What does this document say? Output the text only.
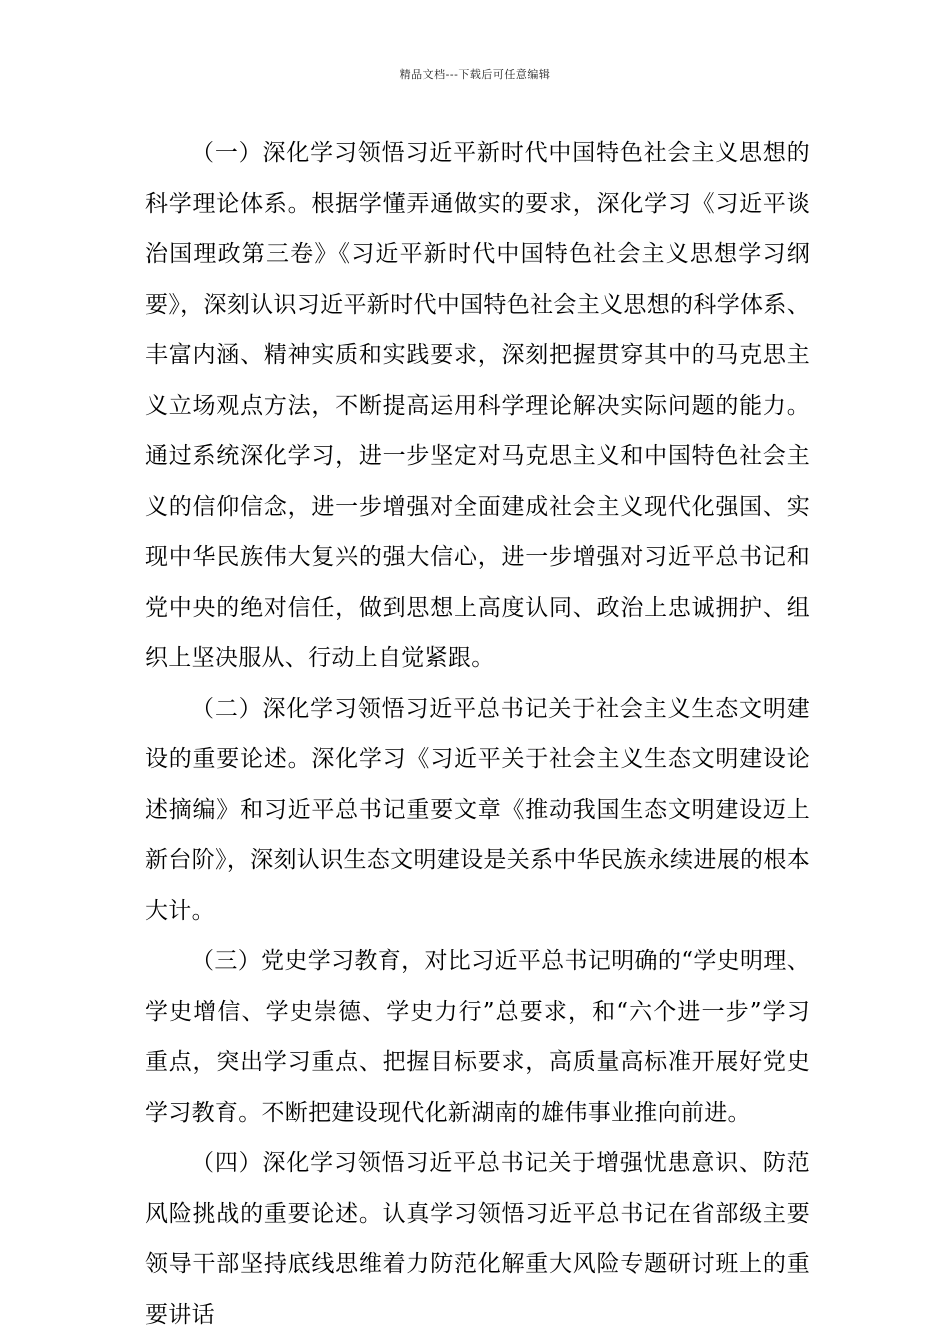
精品文档---下载后可任意编辑

（一）深化学习领悟习近平新时代中国特色社会主义思想的科学理论体系。根据学懂弄通做实的要求，深化学习《习近平谈治国理政第三卷》《习近平新时代中国特色社会主义思想学习纲要》，深刻认识习近平新时代中国特色社会主义思想的科学体系、丰富内涵、精神实质和实践要求，深刻把握贯穿其中的马克思主义立场观点方法，不断提高运用科学理论解决实际问题的能力。通过系统深化学习，进一步坚定对马克思主义和中国特色社会主义的信仰信念，进一步增强对全面建成社会主义现代化强国、实现中华民族伟大复兴的强大信心，进一步增强对习近平总书记和党中央的绝对信任，做到思想上高度认同、政治上忠诚拥护、组织上坚决服从、行动上自觉紧跟。

（二）深化学习领悟习近平总书记关于社会主义生态文明建设的重要论述。深化学习《习近平关于社会主义生态文明建设论述摘编》和习近平总书记重要文章《推动我国生态文明建设迈上新台阶》，深刻认识生态文明建设是关系中华民族永续进展的根本大计。

（三）党史学习教育，对比习近平总书记明确的“学史明理、学史增信、学史崇德、学史力行”总要求，和“六个进一步”学习重点，突出学习重点、把握目标要求，高质量高标准开展好党史学习教育。不断把建设现代化新湖南的雄伟事业推向前进。

（四）深化学习领悟习近平总书记关于增强忧患意识、防范风险挑战的重要论述。认真学习领悟习近平总书记在省部级主要领导干部坚持底线思维着力防范化解重大风险专题研讨班上的重要讲话
